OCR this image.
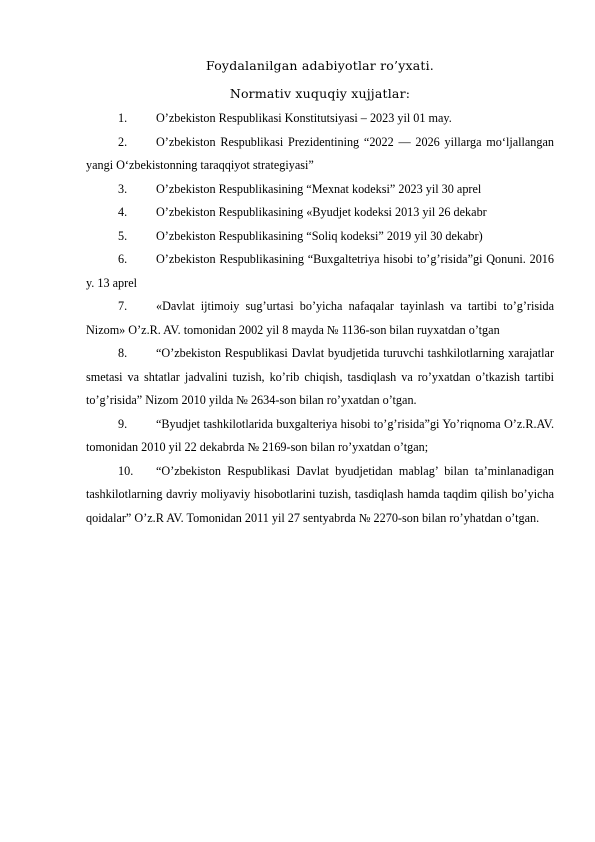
Foydalanilgan adabiyotlar ro’yxati.
Normativ xuquqiy xujjatlar:
1. O’zbekiston Respublikasi Konstitutsiyasi – 2023 yil 01 may.
2. O’zbekiston Respublikasi Prezidentining “2022 — 2026 yillarga mo‘ljallangan yangi O‘zbekistonning taraqqiyot strategiyasi”
3. O’zbekiston Respublikasining “Mexnat kodeksi” 2023 yil 30 aprel
4. O’zbekiston Respublikasining «Byudjet kodeksi 2013 yil 26 dekabr
5. O’zbekiston Respublikasining “Soliq kodeksi” 2019 yil 30 dekabr)
6. O’zbekiston Respublikasining “Buxgaltetriya hisobi to’g’risida”gi Qonuni. 2016 y. 13 aprel
7. «Davlat ijtimoiy sug’urtasi bo’yicha nafaqalar tayinlash va tartibi to’g’risida Nizom» O’z.R. AV. tomonidan 2002 yil 8 mayda № 1136-son bilan ruyxatdan o’tgan
8. “O’zbekiston Respublikasi Davlat byudjetida turuvchi tashkilotlarning xarajatlar smetasi va shtatlar jadvalini tuzish, ko’rib chiqish, tasdiqlash va ro’yxatdan o’tkazish tartibi to’g’risida” Nizom 2010 yilda № 2634-son bilan ro’yxatdan o’tgan.
9. “Byudjet tashkilotlarida buxgalteriya hisobi to’g’risida”gi Yo’riqnoma O’z.R.AV. tomonidan 2010 yil 22 dekabrda № 2169-son bilan ro’yxatdan o’tgan;
10. “O’zbekiston Respublikasi Davlat byudjetidan mablag’ bilan ta’minlanadigan tashkilotlarning davriy moliyaviy hisobotlarini tuzish, tasdiqlash hamda taqdim qilish bo’yicha qoidalar” O’z.R AV. Tomonidan 2011 yil 27 sentyabrda № 2270-son bilan ro’yhatdan o’tgan.
